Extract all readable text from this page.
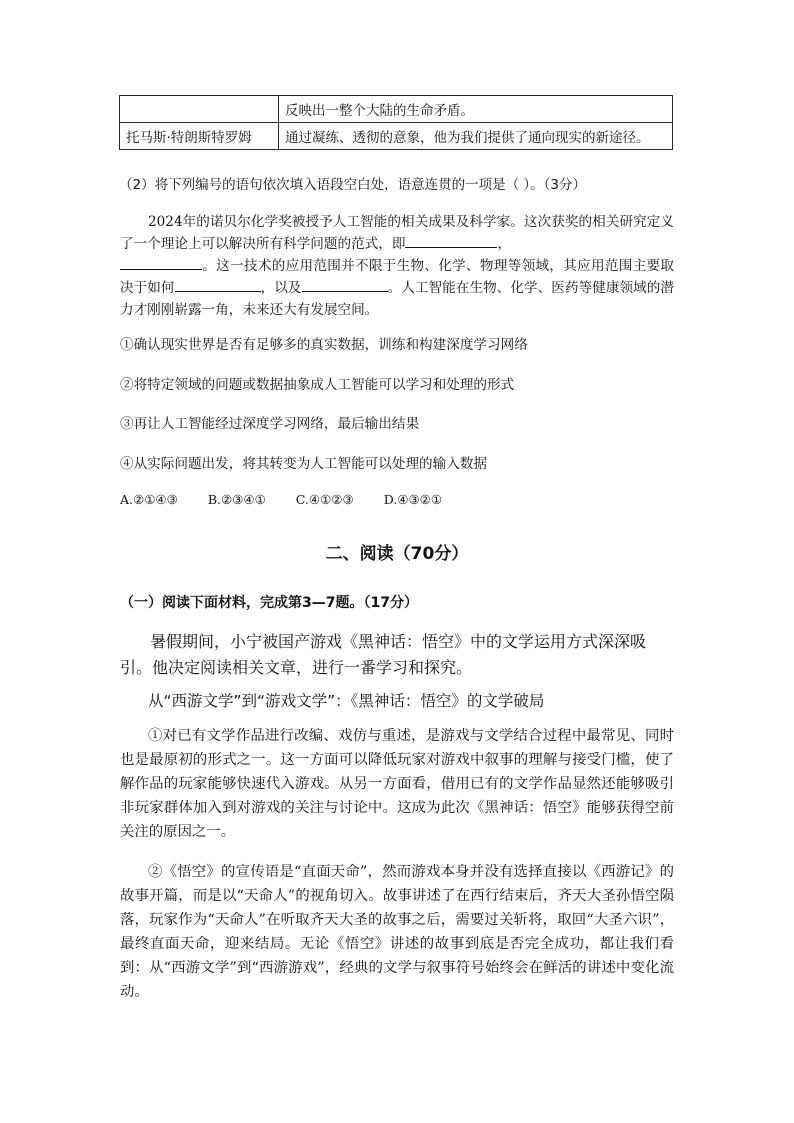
	反映出一整个大陆的生命矛盾。
托马斯·特朗斯特罗姆	通过凝练、透彻的意象，他为我们提供了通向现实的新途径。
（2）将下列编号的语句依次填入语段空白处，语意连贯的一项是（ ）。（3分）
2024年的诺贝尔化学奖被授予人工智能的相关成果及科学家。这次获奖的相关研究定义了一个理论上可以解决所有科学问题的范式，即	，
。这一技术的应用范围并不限于生物、化学、物理等领域，其应用范围主要取决于如何	，以及	。人工智能在生物、化学、医药等健康领域的潜力才刚刚崭露一角，未来还大有发展空间。
①确认现实世界是否有足够多的真实数据，训练和构建深度学习网络
②将特定领域的问题或数据抽象成人工智能可以学习和处理的形式
③再让人工智能经过深度学习网络，最后输出结果
④从实际问题出发，将其转变为人工智能可以处理的输入数据
A.②①④③ B.②③④① C.④①②③ D.④③②①
二、阅读（70分）
（一）阅读下面材料，完成第3—7题。（17分）
暑假期间，小宁被国产游戏《黑神话：悟空》中的文学运用方式深深吸引。他决定阅读相关文章，进行一番学习和探究。
从“西游文学”到“游戏文学”：《黑神话：悟空》的文学破局
①对已有文学作品进行改编、戏仿与重述，是游戏与文学结合过程中最常见、同时也是最原初的形式之一。这一方面可以降低玩家对游戏中叙事的理解与接受门槛，使了解作品的玩家能够快速代入游戏。从另一方面看，借用已有的文学作品显然还能够吸引非玩家群体加入到对游戏的关注与讨论中。这成为此次《黑神话：悟空》能够获得空前关注的原因之一。
②《悟空》的宣传语是“直面天命”，然而游戏本身并没有选择直接以《西游记》的故事开篇，而是以“天命人”的视角切入。故事讲述了在西行结束后，齐天大圣孙悟空陨落，玩家作为“天命人”在听取齐天大圣的故事之后，需要过关斩将，取回“大圣六识”，最终直面天命，迎来结局。无论《悟空》讲述的故事到底是否完全成功，都让我们看到：从“西游文学”到“西游游戏”，经典的文学与叙事符号始终会在鲜活的讲述中变化流动。
